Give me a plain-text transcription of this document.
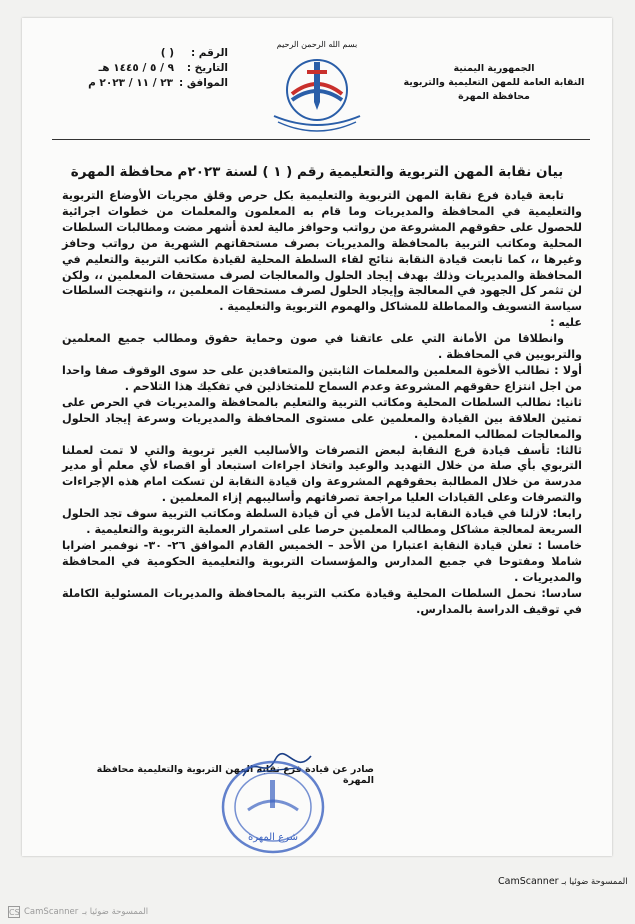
بسم الله الرحمن الرحيم
الجمهورية اليمنية
النقابة العامة للمهن التعليمية والتربوية
محافظة المهرة
الرقم :
( )
التاريخ :
٩ / ٥ / ١٤٤٥ هـ
الموافق :
٢٣ / ١١ / ٢٠٢٣ م
بيان نقابة المهن التربوية والتعليمية رقم ( ١ ) لسنة ٢٠٢٣م محافظة المهرة

تابعة قيادة فرع نقابة المهن التربوية والتعليمية بكل حرص وقلق مجريات الأوضاع التربوية والتعليمية في المحافظة والمديريات وما قام به المعلمون والمعلمات من خطوات اجرائية للحصول على حقوقهم المشروعة من رواتب وحوافز مالية لعدة أشهر مضت ومطالبات السلطات المحلية ومكاتب التربية بالمحافظة والمديريات بصرف مستحقاتهم الشهرية من رواتب وحافز وغيرها ،، كما تابعت قيادة النقابة نتائج لقاء السلطة المحلية لقيادة مكاتب التربية والتعليم في المحافظة والمديريات وذلك بهدف إيجاد الحلول والمعالجات لصرف مستحقات المعلمين ،، ولكن لن تثمر كل الجهود في المعالجة وإيجاد الحلول لصرف مستحقات المعلمين ،، وانتهجت السلطات سياسة التسويف والمماطلة للمشاكل والهموم التربوية والتعليمية .

عليه :

وانطلاقا من الأمانة التي على عاتقنا في صون وحماية حقوق ومطالب جميع المعلمين والتربويين في المحافظة .

أولا : نطالب الأخوة المعلمين والمعلمات الثابتين والمتعاقدين على حد سوى الوقوف صفا واحدا من اجل انتزاع حقوقهم المشروعة وعدم السماح للمتخاذلين في تفكيك هذا التلاحم .

ثانيا: نطالب السلطات المحلية ومكاتب التربية والتعليم بالمحافظة والمديريات في الحرص على تمتين العلاقة بين القيادة والمعلمين على مستوى المحافظة والمديريات وسرعة إيجاد الحلول والمعالجات لمطالب المعلمين .

ثالثا: تأسف قيادة فرع النقابة لبعض التصرفات والأساليب الغير تربوية والتي لا تمت لعملنا التربوي بأي صلة من خلال التهديد والوعيد واتخاذ اجراءات استبعاد أو اقصاء لأي معلم أو مدير مدرسة من خلال المطالبة بحقوقهم المشروعة وان قيادة النقابة لن تسكت امام هذه الإجراءات والتصرفات وعلى القيادات العليا مراجعة تصرفاتهم وأساليبهم إزاء المعلمين .

رابعا: لازلنا في قيادة النقابة لدينا الأمل في أن قيادة السلطة ومكاتب التربية سوف تجد الحلول السريعة لمعالجة مشاكل ومطالب المعلمين حرصا على استمرار العملية التربوية والتعليمية .

خامسا : تعلن قيادة النقابة اعتبارا من الأحد – الخميس القادم الموافق ٢٦- ٣٠- نوفمبر اضرابا شاملا ومفتوحا في جميع المدارس والمؤسسات التربوية والتعليمية الحكومية في المحافظة والمديريات .

سادسا: نحمل السلطات المحلية وقيادة مكتب التربية بالمحافظة والمديريات المسئولية الكاملة في توقيف الدراسة بالمدارس.

صادر عن قيادة فرع نقابة المهن التربوية والتعليمية محافظة المهرة
شرع المهرة
CamScanner الممسوحة ضوئيا بـ
CS CamScanner الممسوحة ضوئيا بـ
